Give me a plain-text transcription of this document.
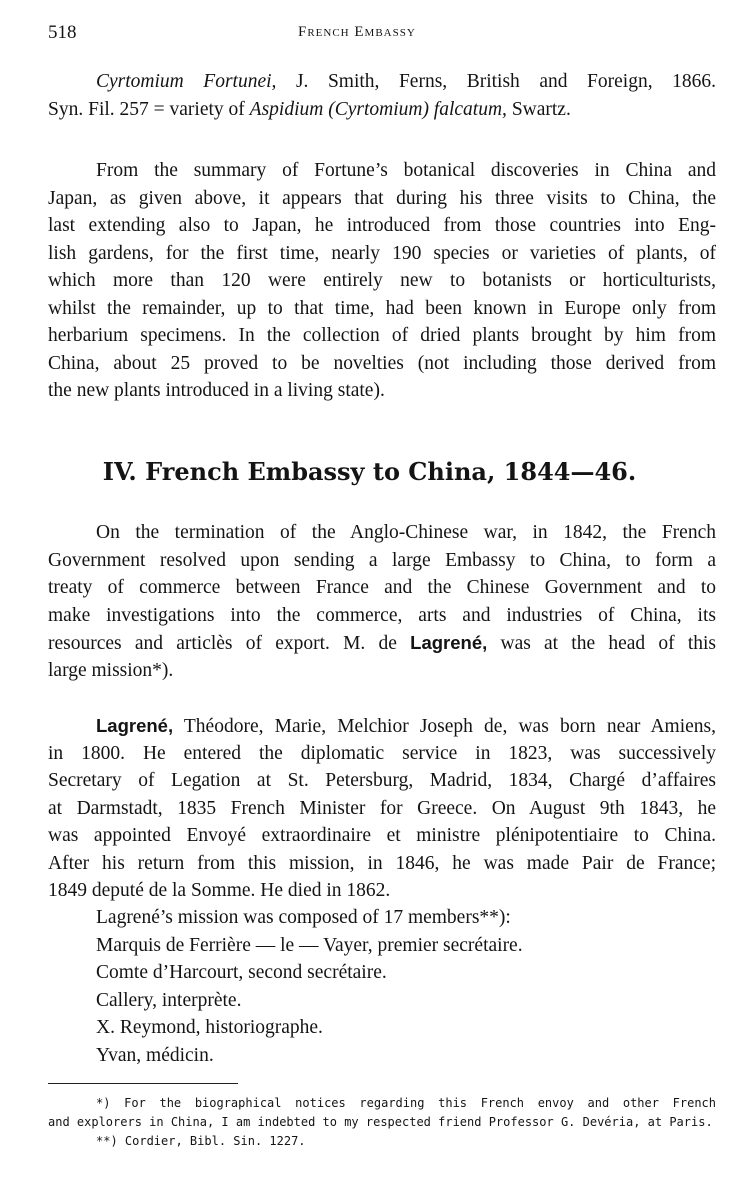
518	French Embassy
Cyrtomium Fortunei, J. Smith, Ferns, British and Foreign, 1866.
Syn. Fil. 257 = variety of Aspidium (Cyrtomium) falcatum, Swartz.
From the summary of Fortune’s botanical discoveries in China and
Japan, as given above, it appears that during his three visits to China, the
last extending also to Japan, he introduced from those countries into Eng-
lish gardens, for the first time, nearly 190 species or varieties of plants, of
which more than 120 were entirely new to botanists or horticulturists,
whilst the remainder, up to that time, had been known in Europe only from
herbarium specimens. In the collection of dried plants brought by him from
China, about 25 proved to be novelties (not including those derived from
the new plants introduced in a living state).
IV. French Embassy to China, 1844—46.
On the termination of the Anglo-Chinese war, in 1842, the French
Government resolved upon sending a large Embassy to China, to form a
treaty of commerce between France and the Chinese Government and to
make investigations into the commerce, arts and industries of China, its
resources and articlès of export. M. de Lagrené, was at the head of this
large mission*).
Lagrené, Théodore, Marie, Melchior Joseph de, was born near Amiens,
in 1800. He entered the diplomatic service in 1823, was successively
Secretary of Legation at St. Petersburg, Madrid, 1834, Chargé d’affaires
at Darmstadt, 1835 French Minister for Greece. On August 9th 1843, he
was appointed Envoyé extraordinaire et ministre plénipotentiaire to China.
After his return from this mission, in 1846, he was made Pair de France;
1849 deputé de la Somme. He died in 1862.
Lagrené’s mission was composed of 17 members**):
Marquis de Ferrière — le — Vayer, premier secrétaire.
Comte d’Harcourt, second secrétaire.
Callery, interprète.
X. Reymond, historiographe.
Yvan, médicin.
*) For the biographical notices regarding this French envoy and other French
and explorers in China, I am indebted to my respected friend Professor G. Devéria, at Paris.
**) Cordier, Bibl. Sin. 1227.
